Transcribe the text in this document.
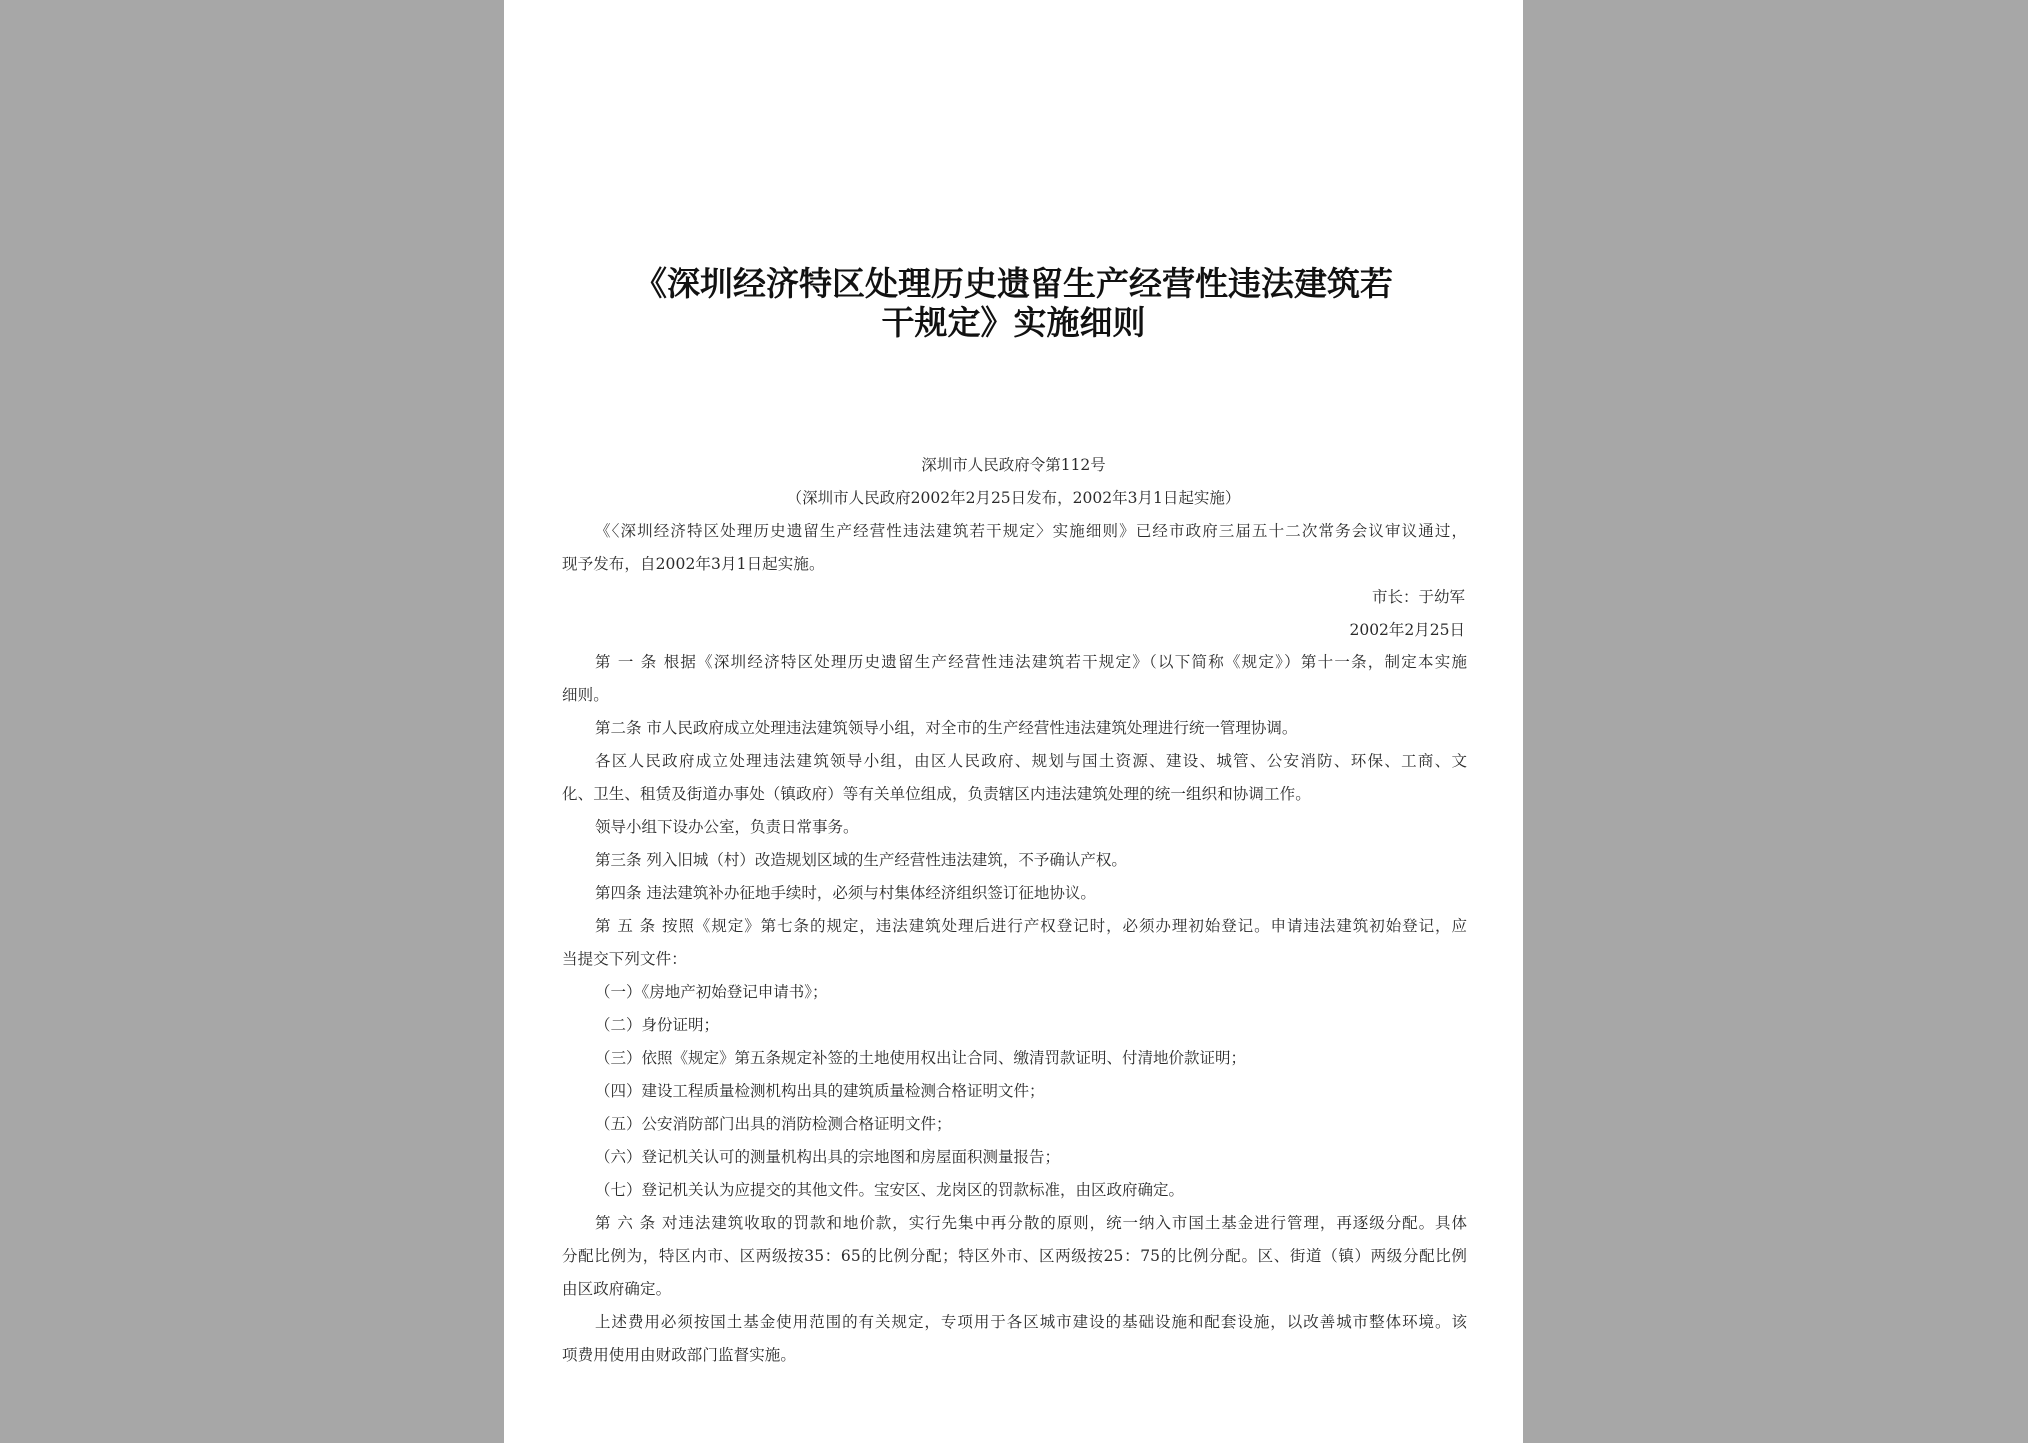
《深圳经济特区处理历史遗留生产经营性违法建筑若
干规定》实施细则
深圳市人民政府令第112号
（深圳市人民政府2002年2月25日发布，2002年3月1日起实施）
《〈深圳经济特区处理历史遗留生产经营性违法建筑若干规定〉实施细则》已经市政府三届五十二次常务会议审议通过，
现予发布，自2002年3月1日起实施。
市长：于幼军
2002年2月25日
第 一 条 根据《深圳经济特区处理历史遗留生产经营性违法建筑若干规定》（以下简称《规定》）第十一条，制定本实施
细则。
第二条 市人民政府成立处理违法建筑领导小组，对全市的生产经营性违法建筑处理进行统一管理协调。
各区人民政府成立处理违法建筑领导小组，由区人民政府、规划与国土资源、建设、城管、公安消防、环保、工商、文
化、卫生、租赁及街道办事处（镇政府）等有关单位组成，负责辖区内违法建筑处理的统一组织和协调工作。
领导小组下设办公室，负责日常事务。
第三条 列入旧城（村）改造规划区域的生产经营性违法建筑，不予确认产权。
第四条 违法建筑补办征地手续时，必须与村集体经济组织签订征地协议。
第 五 条 按照《规定》第七条的规定，违法建筑处理后进行产权登记时，必须办理初始登记。申请违法建筑初始登记，应
当提交下列文件：
（一）《房地产初始登记申请书》；
（二）身份证明；
（三）依照《规定》第五条规定补签的土地使用权出让合同、缴清罚款证明、付清地价款证明；
（四）建设工程质量检测机构出具的建筑质量检测合格证明文件；
（五）公安消防部门出具的消防检测合格证明文件；
（六）登记机关认可的测量机构出具的宗地图和房屋面积测量报告；
（七）登记机关认为应提交的其他文件。宝安区、龙岗区的罚款标准，由区政府确定。
第 六 条 对违法建筑收取的罚款和地价款，实行先集中再分散的原则，统一纳入市国土基金进行管理，再逐级分配。具体
分配比例为，特区内市、区两级按35：65的比例分配；特区外市、区两级按25：75的比例分配。区、街道（镇）两级分配比例
由区政府确定。
上述费用必须按国土基金使用范围的有关规定，专项用于各区城市建设的基础设施和配套设施，以改善城市整体环境。该
项费用使用由财政部门监督实施。
